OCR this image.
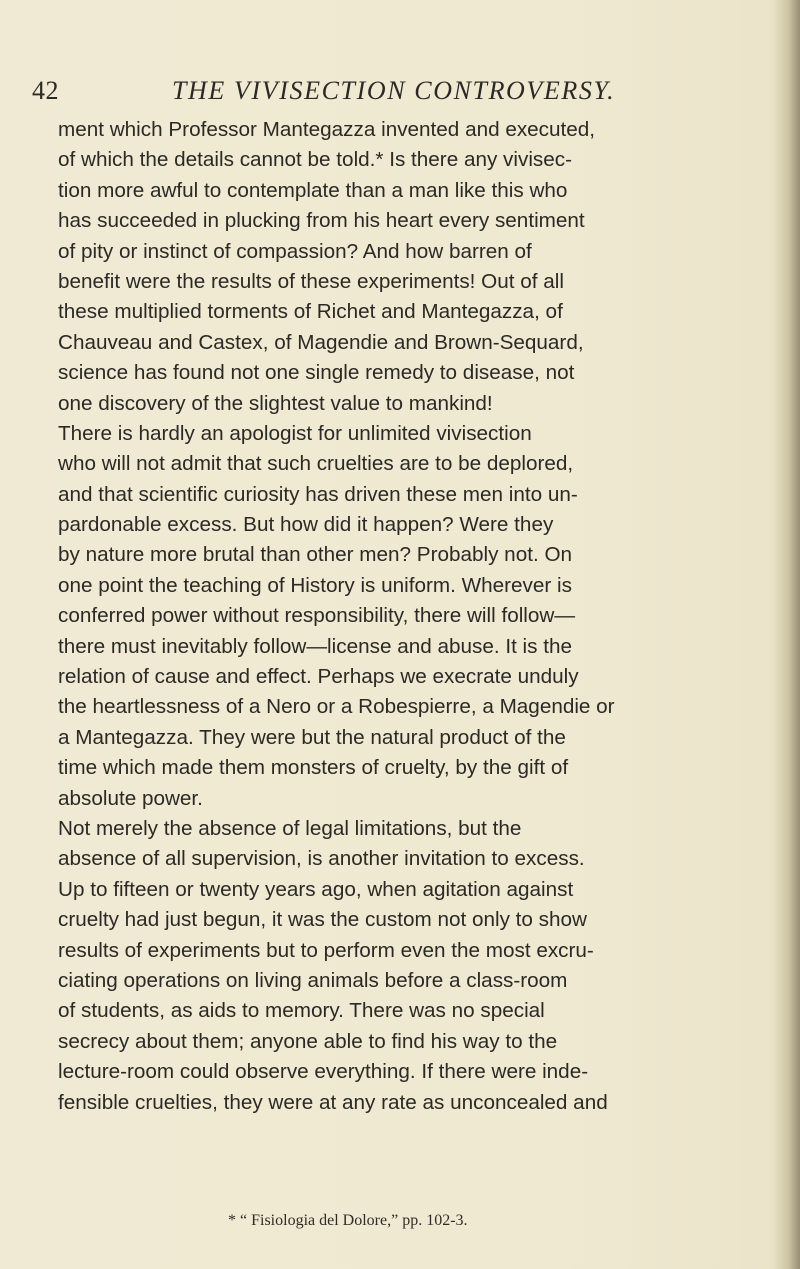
42	THE VIVISECTION CONTROVERSY.
ment which Professor Mantegazza invented and executed,
of which the details cannot be told.* Is there any vivisec-
tion more awful to contemplate than a man like this who
has succeeded in plucking from his heart every sentiment
of pity or instinct of compassion? And how barren of
benefit were the results of these experiments! Out of all
these multiplied torments of Richet and Mantegazza, of
Chauveau and Castex, of Magendie and Brown-Sequard,
science has found not one single remedy to disease, not
one discovery of the slightest value to mankind!
There is hardly an apologist for unlimited vivisection
who will not admit that such cruelties are to be deplored,
and that scientific curiosity has driven these men into un-
pardonable excess. But how did it happen? Were they
by nature more brutal than other men? Probably not. On
one point the teaching of History is uniform. Wherever is
conferred power without responsibility, there will follow—
there must inevitably follow—license and abuse. It is the
relation of cause and effect. Perhaps we execrate unduly
the heartlessness of a Nero or a Robespierre, a Magendie or
a Mantegazza. They were but the natural product of the
time which made them monsters of cruelty, by the gift of
absolute power.
Not merely the absence of legal limitations, but the
absence of all supervision, is another invitation to excess.
Up to fifteen or twenty years ago, when agitation against
cruelty had just begun, it was the custom not only to show
results of experiments but to perform even the most excru-
ciating operations on living animals before a class-room
of students, as aids to memory. There was no special
secrecy about them; anyone able to find his way to the
lecture-room could observe everything. If there were inde-
fensible cruelties, they were at any rate as unconcealed and
* “ Fisiologia del Dolore,” pp. 102-3.
